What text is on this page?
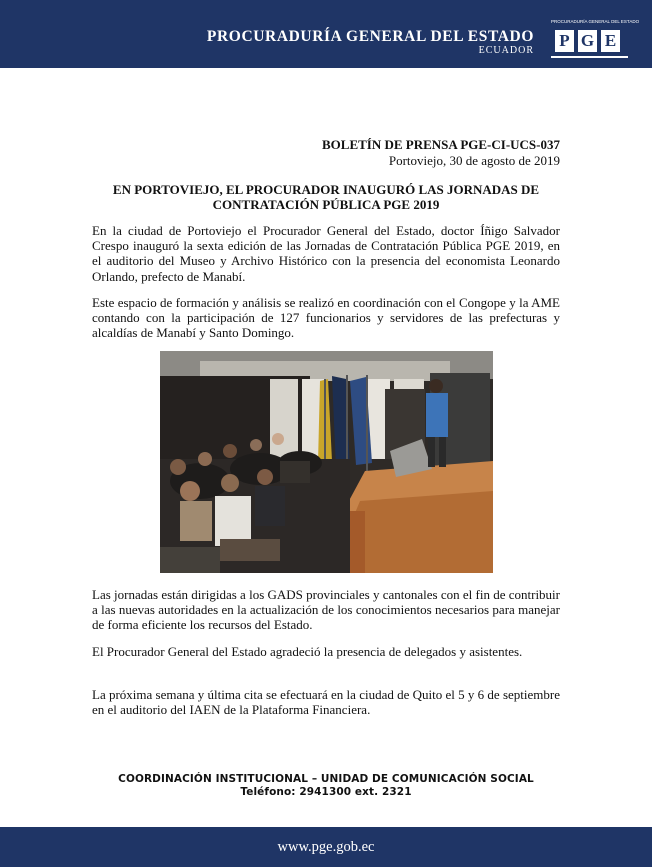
PROCURADURÍA GENERAL DEL ESTADO
ECUADOR
PROCURADURÍA GENERAL DEL ESTADO
P G E
BOLETÍN DE PRENSA PGE-CI-UCS-037
Portoviejo, 30 de agosto de 2019
EN PORTOVIEJO, EL PROCURADOR INAUGURÓ LAS JORNADAS DE
CONTRATACIÓN PÚBLICA PGE 2019

En la ciudad de Portoviejo el Procurador General del Estado, doctor Íñigo Salvador Crespo inauguró la sexta edición de las Jornadas de Contratación Pública PGE 2019, en el auditorio del Museo y Archivo Histórico con la presencia del economista Leonardo Orlando, prefecto de Manabí.

Este espacio de formación y análisis se realizó en coordinación con el Congope y la AME contando con la participación de 127 funcionarios y servidores de las prefecturas y alcaldías de Manabí y Santo Domingo.

Las jornadas están dirigidas a los GADS provinciales y cantonales con el fin de contribuir a las nuevas autoridades en la actualización de los conocimientos necesarios para manejar de forma eficiente los recursos del Estado.

El Procurador General del Estado agradeció la presencia de delegados y asistentes.

La próxima semana y última cita se efectuará en la ciudad de Quito el 5 y 6 de septiembre en el auditorio del IAEN de la Plataforma Financiera.

COORDINACIÓN INSTITUCIONAL – UNIDAD DE COMUNICACIÓN SOCIAL
Teléfono: 2941300 ext. 2321
www.pge.gob.ec
